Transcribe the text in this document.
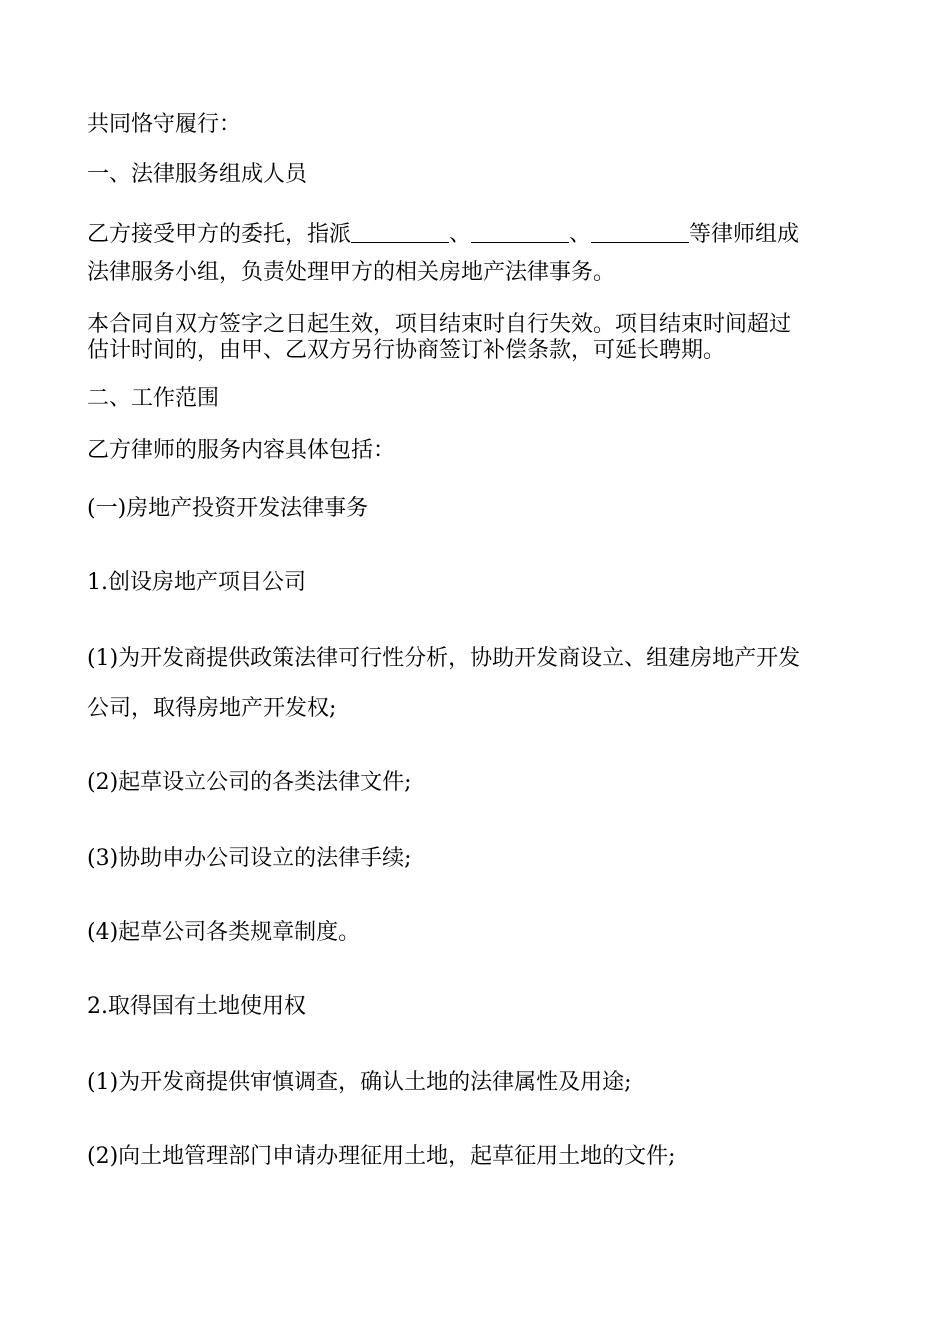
共同恪守履行：
一、法律服务组成人员
乙方接受甲方的委托，指派	、	、	等律师组成
法律服务小组，负责处理甲方的相关房地产法律事务。
本合同自双方签字之日起生效，项目结束时自行失效。项目结束时间超过
估计时间的，由甲、乙双方另行协商签订补偿条款，可延长聘期。
二、工作范围
乙方律师的服务内容具体包括：
(一)房地产投资开发法律事务
1.创设房地产项目公司
(1)为开发商提供政策法律可行性分析，协助开发商设立、组建房地产开发
公司，取得房地产开发权;
(2)起草设立公司的各类法律文件;
(3)协助申办公司设立的法律手续;
(4)起草公司各类规章制度。
2.取得国有土地使用权
(1)为开发商提供审慎调查，确认土地的法律属性及用途;
(2)向土地管理部门申请办理征用土地，起草征用土地的文件;
